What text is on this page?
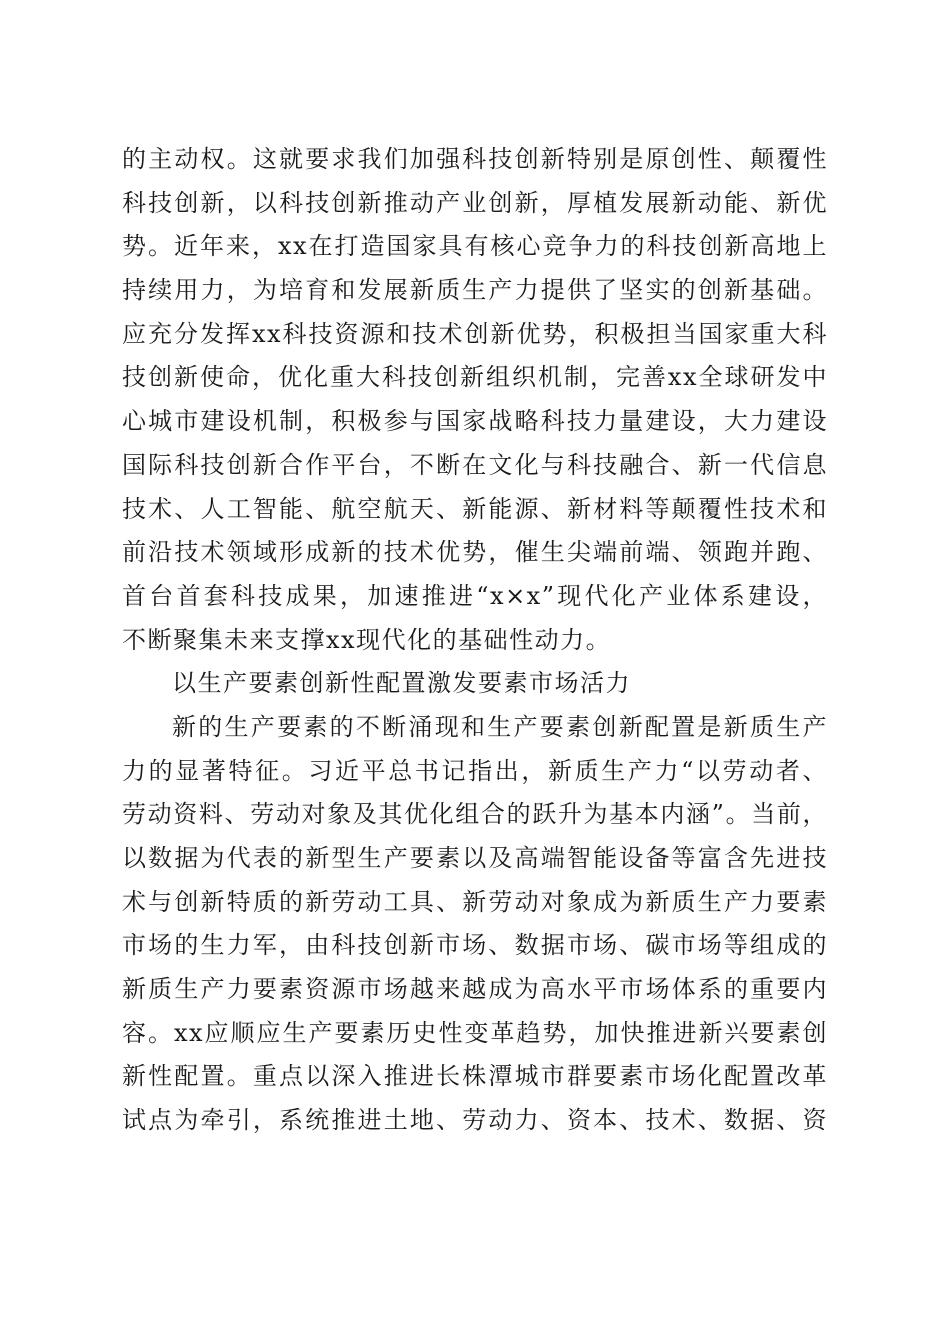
的主动权。这就要求我们加强科技创新特别是原创性、颠覆性
科技创新，以科技创新推动产业创新，厚植发展新动能、新优
势。近年来，xx在打造国家具有核心竞争力的科技创新高地上
持续用力，为培育和发展新质生产力提供了坚实的创新基础。
应充分发挥xx科技资源和技术创新优势，积极担当国家重大科
技创新使命，优化重大科技创新组织机制，完善xx全球研发中
心城市建设机制，积极参与国家战略科技力量建设，大力建设
国际科技创新合作平台，不断在文化与科技融合、新一代信息
技术、人工智能、航空航天、新能源、新材料等颠覆性技术和
前沿技术领域形成新的技术优势，催生尖端前端、领跑并跑、
首台首套科技成果，加速推进“x×x”现代化产业体系建设，
不断聚集未来支撑xx现代化的基础性动力。
以生产要素创新性配置激发要素市场活力
新的生产要素的不断涌现和生产要素创新配置是新质生产
力的显著特征。习近平总书记指出，新质生产力“以劳动者、
劳动资料、劳动对象及其优化组合的跃升为基本内涵”。当前，
以数据为代表的新型生产要素以及高端智能设备等富含先进技
术与创新特质的新劳动工具、新劳动对象成为新质生产力要素
市场的生力军，由科技创新市场、数据市场、碳市场等组成的
新质生产力要素资源市场越来越成为高水平市场体系的重要内
容。xx应顺应生产要素历史性变革趋势，加快推进新兴要素创
新性配置。重点以深入推进长株潭城市群要素市场化配置改革
试点为牵引，系统推进土地、劳动力、资本、技术、数据、资
